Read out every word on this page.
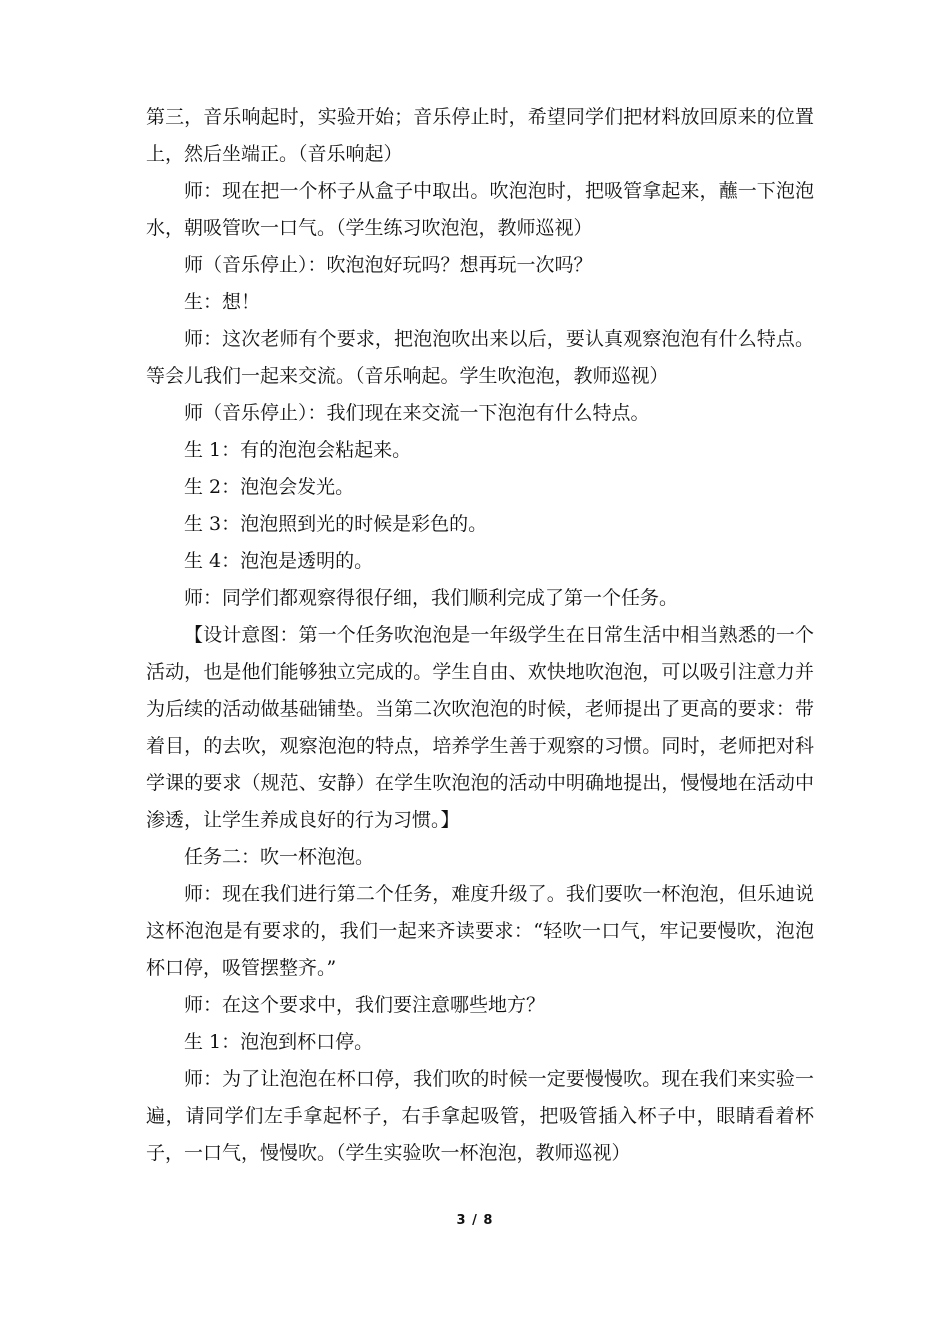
第三，音乐响起时，实验开始；音乐停止时，希望同学们把材料放回原来的位置上，然后坐端正。（音乐响起）

师：现在把一个杯子从盒子中取出。吹泡泡时，把吸管拿起来，蘸一下泡泡水，朝吸管吹一口气。（学生练习吹泡泡，教师巡视）

师（音乐停止）：吹泡泡好玩吗？想再玩一次吗？

生：想！

师：这次老师有个要求，把泡泡吹出来以后，要认真观察泡泡有什么特点。等会儿我们一起来交流。（音乐响起。学生吹泡泡，教师巡视）

师（音乐停止）：我们现在来交流一下泡泡有什么特点。

生 1：有的泡泡会粘起来。

生 2：泡泡会发光。

生 3：泡泡照到光的时候是彩色的。

生 4：泡泡是透明的。

师：同学们都观察得很仔细，我们顺利完成了第一个任务。

【设计意图：第一个任务吹泡泡是一年级学生在日常生活中相当熟悉的一个活动，也是他们能够独立完成的。学生自由、欢快地吹泡泡，可以吸引注意力并为后续的活动做基础铺垫。当第二次吹泡泡的时候，老师提出了更高的要求：带着目，的去吹，观察泡泡的特点，培养学生善于观察的习惯。同时，老师把对科学课的要求（规范、安静）在学生吹泡泡的活动中明确地提出，慢慢地在活动中渗透，让学生养成良好的行为习惯。】

任务二：吹一杯泡泡。

师：现在我们进行第二个任务，难度升级了。我们要吹一杯泡泡，但乐迪说这杯泡泡是有要求的，我们一起来齐读要求：“轻吹一口气，牢记要慢吹，泡泡杯口停，吸管摆整齐。”

师：在这个要求中，我们要注意哪些地方？

生 1：泡泡到杯口停。

师：为了让泡泡在杯口停，我们吹的时候一定要慢慢吹。现在我们来实验一遍，请同学们左手拿起杯子，右手拿起吸管，把吸管插入杯子中，眼睛看着杯子，一口气，慢慢吹。（学生实验吹一杯泡泡，教师巡视）

3 / 8
